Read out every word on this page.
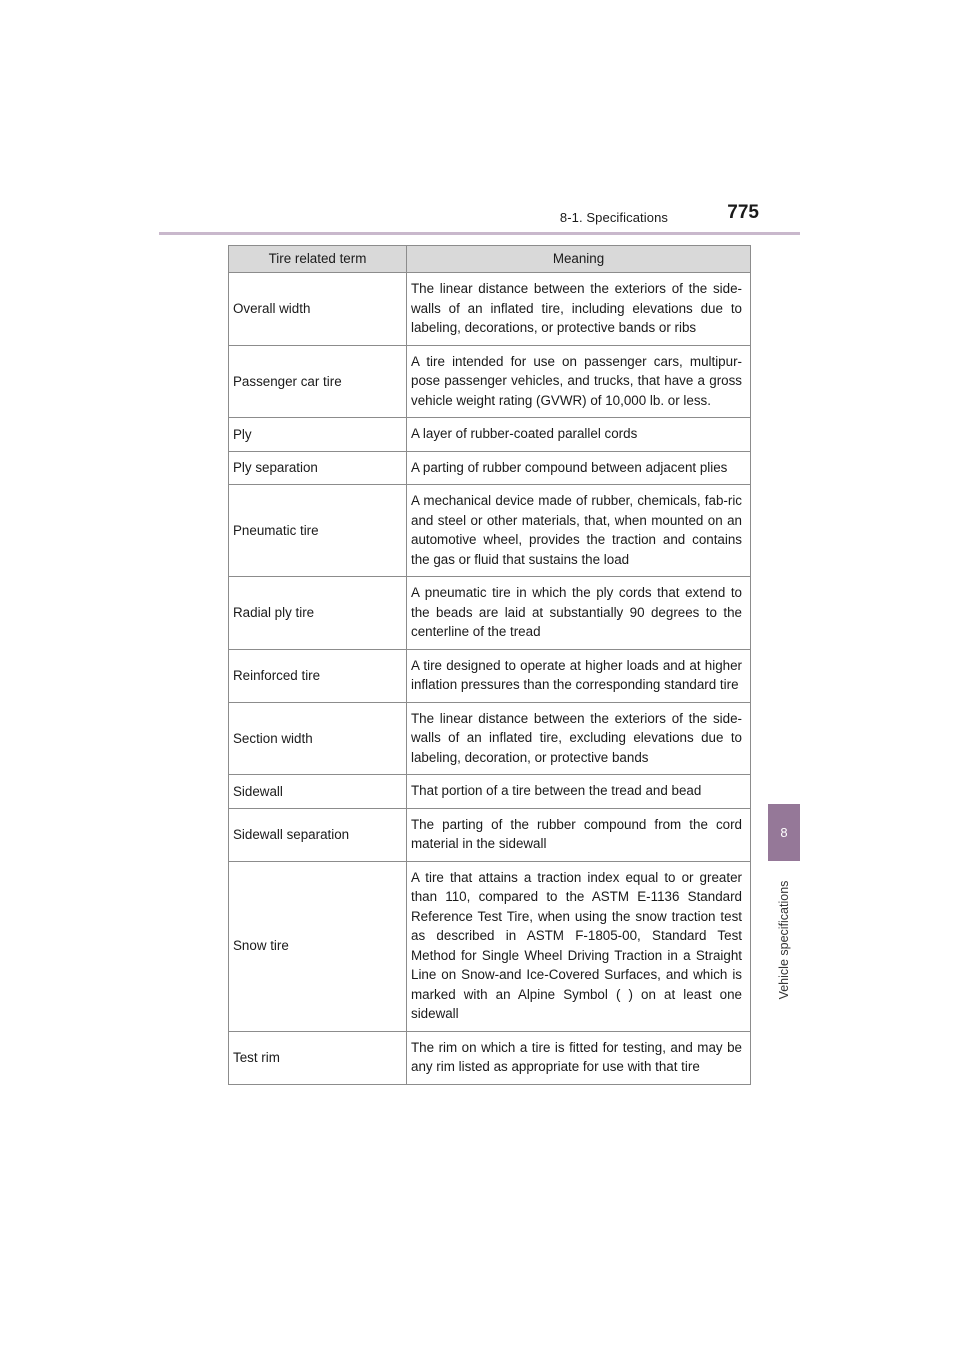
8-1. Specifications	775
8
Vehicle specifications
Tire related term	Meaning
Overall width	The linear distance between the exteriors of the side-walls of an inflated tire, including elevations due to labeling, decorations, or protective bands or ribs
Passenger car tire	A tire intended for use on passenger cars, multipur-pose passenger vehicles, and trucks, that have a gross vehicle weight rating (GVWR) of 10,000 lb. or less.
Ply	A layer of rubber-coated parallel cords
Ply separation	A parting of rubber compound between adjacent plies
Pneumatic tire	A mechanical device made of rubber, chemicals, fab-ric and steel or other materials, that, when mounted on an automotive wheel, provides the traction and contains the gas or fluid that sustains the load
Radial ply tire	A pneumatic tire in which the ply cords that extend to the beads are laid at substantially 90 degrees to the centerline of the tread
Reinforced tire	A tire designed to operate at higher loads and at higher inflation pressures than the corresponding standard tire
Section width	The linear distance between the exteriors of the side-walls of an inflated tire, excluding elevations due to labeling, decoration, or protective bands
Sidewall	That portion of a tire between the tread and bead
Sidewall separation	The parting of the rubber compound from the cord material in the sidewall
Snow tire	A tire that attains a traction index equal to or greater than 110, compared to the ASTM E-1136 Standard Reference Test Tire, when using the snow traction test as described in ASTM F-1805-00, Standard Test Method for Single Wheel Driving Traction in a Straight Line on Snow-and Ice-Covered Surfaces, and which is marked with an Alpine Symbol ( ) on at least one sidewall
Test rim	The rim on which a tire is fitted for testing, and may be any rim listed as appropriate for use with that tire
